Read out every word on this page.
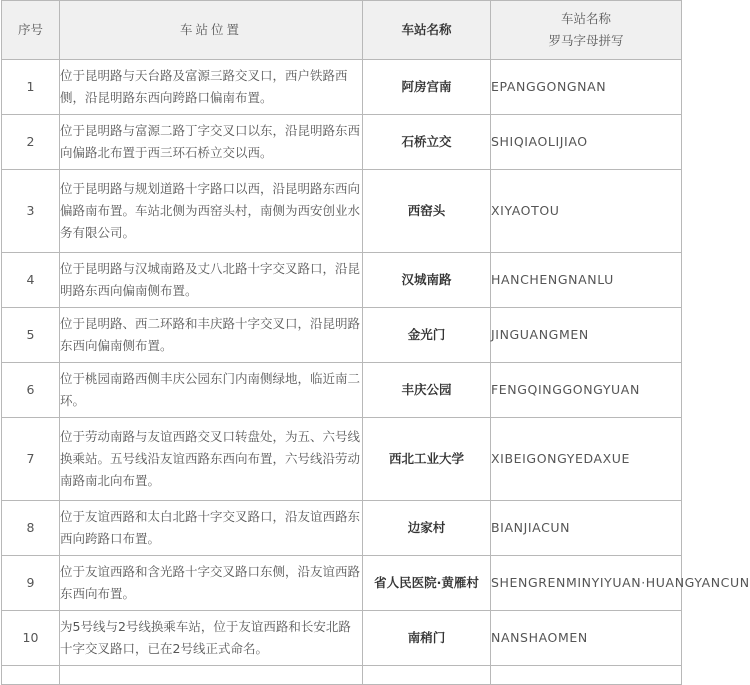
序号	车站位置	车站名称	车站名称
罗马字母拼写

1	位于昆明路与天台路及富源三路交叉口，西户铁路西侧，沿昆明路东西向跨路口偏南布置。	阿房宫南	EPANGGONGNAN
2	位于昆明路与富源二路丁字交叉口以东，沿昆明路东西向偏路北布置于西三环石桥立交以西。	石桥立交	SHIQIAOLIJIAO
3	位于昆明路与规划道路十字路口以西，沿昆明路东西向偏路南布置。车站北侧为西窑头村，南侧为西安创业水务有限公司。	西窑头	XIYAOTOU
4	位于昆明路与汉城南路及丈八北路十字交叉路口，沿昆明路东西向偏南侧布置。	汉城南路	HANCHENGNANLU
5	位于昆明路、西二环路和丰庆路十字交叉口，沿昆明路东西向偏南侧布置。	金光门	JINGUANGMEN
6	位于桃园南路西侧丰庆公园东门内南侧绿地，临近南二环。	丰庆公园	FENGQINGGONGYUAN
7	位于劳动南路与友谊西路交叉口转盘处，为五、六号线换乘站。五号线沿友谊西路东西向布置，六号线沿劳动南路南北向布置。	西北工业大学	XIBEIGONGYEDAXUE
8	位于友谊西路和太白北路十字交叉路口，沿友谊西路东西向跨路口布置。	边家村	BIANJIACUN
9	位于友谊西路和含光路十字交叉路口东侧，沿友谊西路东西向布置。	省人民医院·黄雁村	SHENGRENMINYIYUAN·HUANGYANCUN
10	为5号线与2号线换乘车站，位于友谊西路和长安北路十字交叉路口，已在2号线正式命名。	南稍门	NANSHAOMEN
